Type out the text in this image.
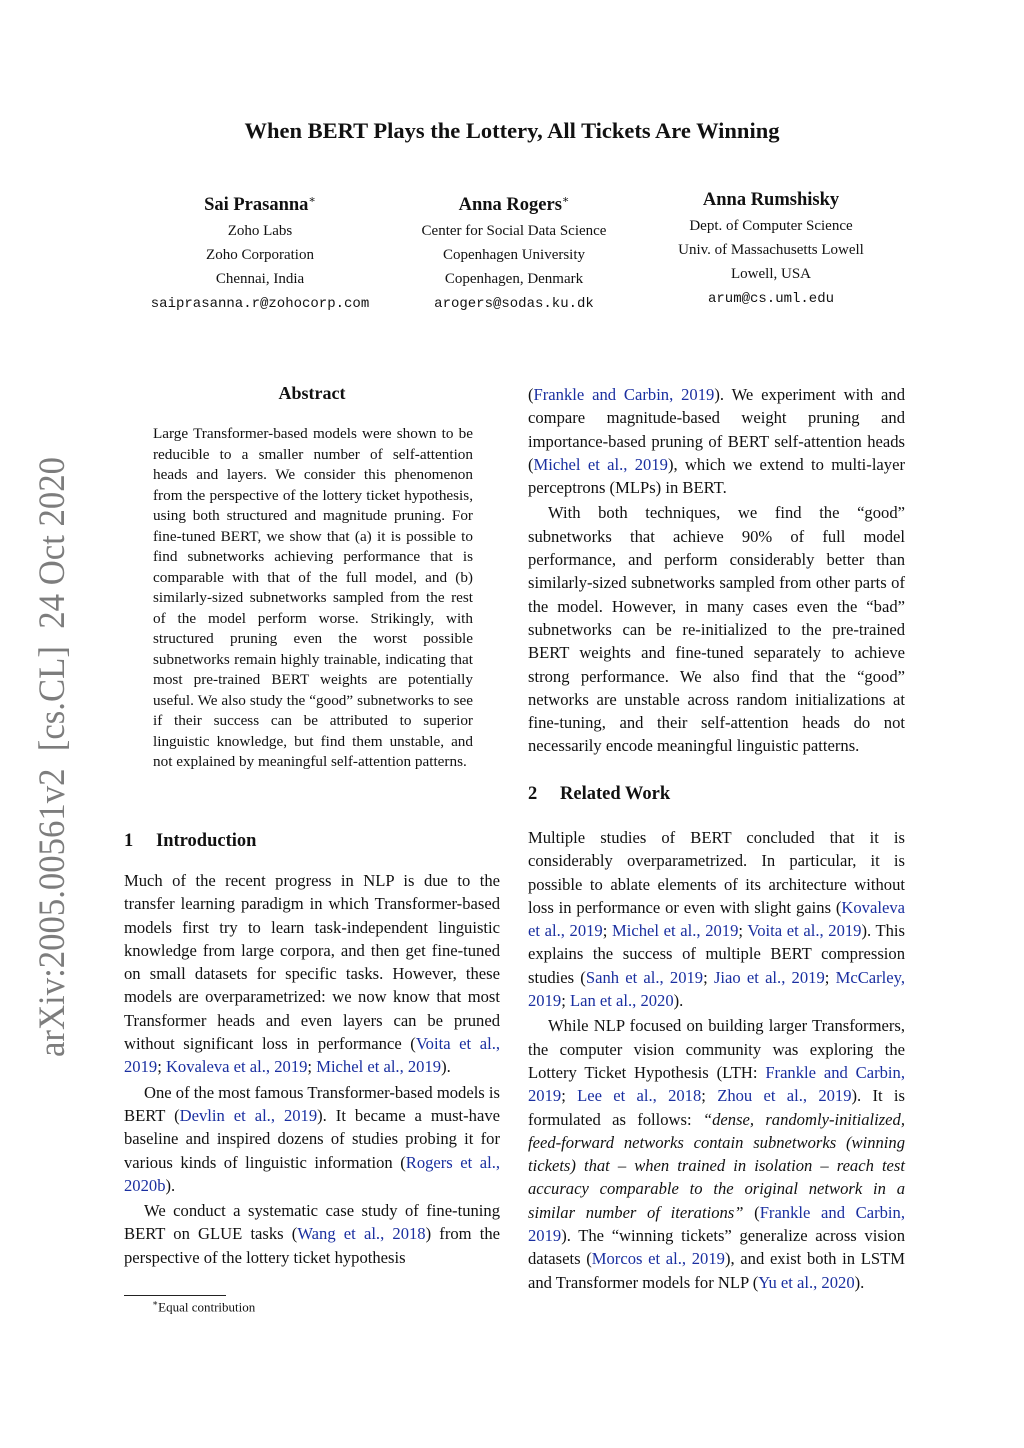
arXiv:2005.00561v2  [cs.CL]  24 Oct 2020
When BERT Plays the Lottery, All Tickets Are Winning
Sai Prasanna∗
Zoho Labs
Zoho Corporation
Chennai, India
saiprasanna.r@zohocorp.com
Anna Rogers∗
Center for Social Data Science
Copenhagen University
Copenhagen, Denmark
arogers@sodas.ku.dk
Anna Rumshisky
Dept. of Computer Science
Univ. of Massachusetts Lowell
Lowell, USA
arum@cs.uml.edu
Abstract

Large Transformer-based models were shown to be reducible to a smaller number of self-attention heads and layers. We consider this phenomenon from the perspective of the lottery ticket hypothesis, using both structured and magnitude pruning. For fine-tuned BERT, we show that (a) it is possible to find subnetworks achieving performance that is comparable with that of the full model, and (b) similarly-sized subnetworks sampled from the rest of the model perform worse. Strikingly, with structured pruning even the worst possible subnetworks remain highly trainable, indicating that most pre-trained BERT weights are potentially useful. We also study the “good” subnetworks to see if their success can be attributed to superior linguistic knowledge, but find them unstable, and not explained by meaningful self-attention patterns.

1 Introduction

Much of the recent progress in NLP is due to the transfer learning paradigm in which Transformer-based models first try to learn task-independent linguistic knowledge from large corpora, and then get fine-tuned on small datasets for specific tasks. However, these models are overparametrized: we now know that most Transformer heads and even layers can be pruned without significant loss in performance (Voita et al., 2019; Kovaleva et al., 2019; Michel et al., 2019).

One of the most famous Transformer-based models is BERT (Devlin et al., 2019). It became a must-have baseline and inspired dozens of studies probing it for various kinds of linguistic information (Rogers et al., 2020b).

We conduct a systematic case study of fine-tuning BERT on GLUE tasks (Wang et al., 2018) from the perspective of the lottery ticket hypothesis

∗Equal contribution

(Frankle and Carbin, 2019). We experiment with and compare magnitude-based weight pruning and importance-based pruning of BERT self-attention heads (Michel et al., 2019), which we extend to multi-layer perceptrons (MLPs) in BERT.

With both techniques, we find the “good” subnetworks that achieve 90% of full model performance, and perform considerably better than similarly-sized subnetworks sampled from other parts of the model. However, in many cases even the “bad” subnetworks can be re-initialized to the pre-trained BERT weights and fine-tuned separately to achieve strong performance. We also find that the “good” networks are unstable across random initializations at fine-tuning, and their self-attention heads do not necessarily encode meaningful linguistic patterns.

2 Related Work

Multiple studies of BERT concluded that it is considerably overparametrized. In particular, it is possible to ablate elements of its architecture without loss in performance or even with slight gains (Kovaleva et al., 2019; Michel et al., 2019; Voita et al., 2019). This explains the success of multiple BERT compression studies (Sanh et al., 2019; Jiao et al., 2019; McCarley, 2019; Lan et al., 2020).

While NLP focused on building larger Transformers, the computer vision community was exploring the Lottery Ticket Hypothesis (LTH: Frankle and Carbin, 2019; Lee et al., 2018; Zhou et al., 2019). It is formulated as follows: “dense, randomly-initialized, feed-forward networks contain subnetworks (winning tickets) that – when trained in isolation – reach test accuracy comparable to the original network in a similar number of iterations” (Frankle and Carbin, 2019). The “winning tickets” generalize across vision datasets (Morcos et al., 2019), and exist both in LSTM and Transformer models for NLP (Yu et al., 2020).
